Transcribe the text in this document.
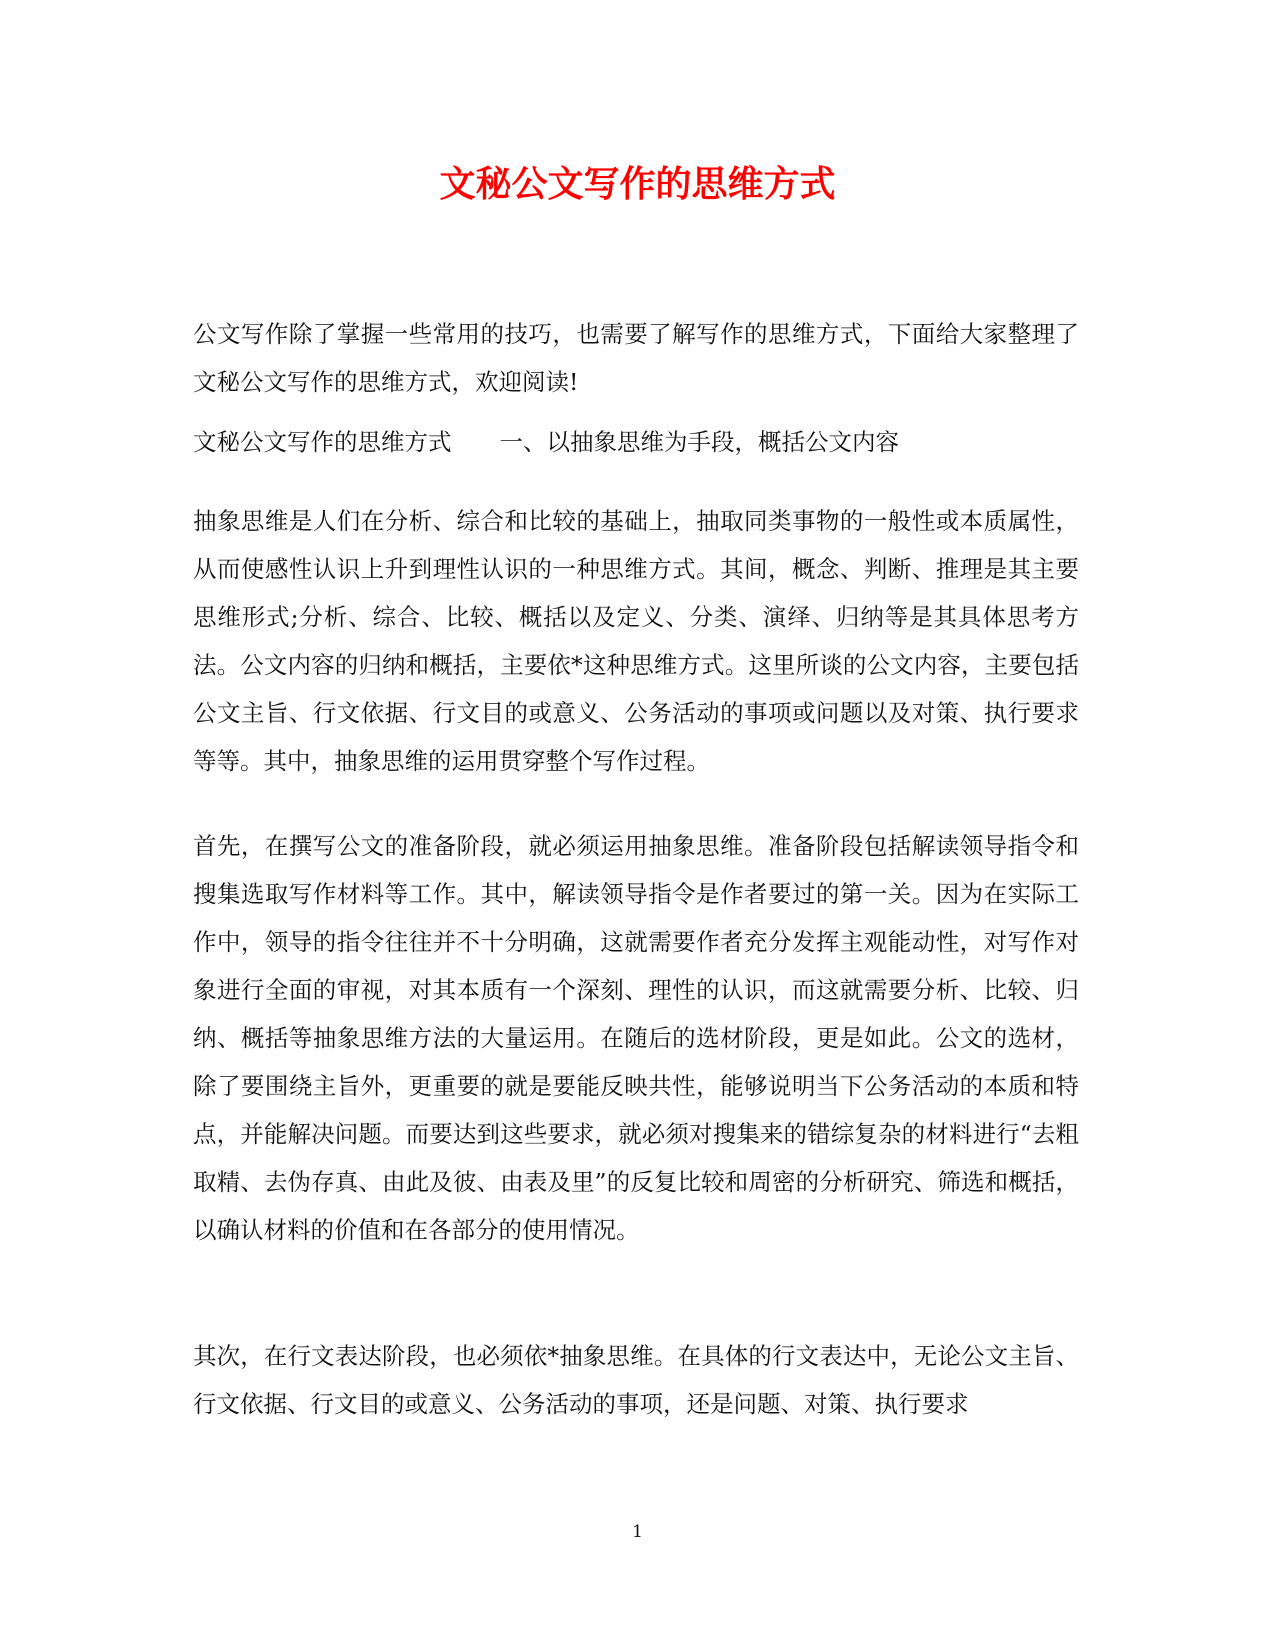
文秘公文写作的思维方式

公文写作除了掌握一些常用的技巧，也需要了解写作的思维方式，下面给大家整理了文秘公文写作的思维方式，欢迎阅读!

文秘公文写作的思维方式 一、以抽象思维为手段，概括公文内容

抽象思维是人们在分析、综合和比较的基础上，抽取同类事物的一般性或本质属性，从而使感性认识上升到理性认识的一种思维方式。其间，概念、判断、推理是其主要思维形式;分析、综合、比较、概括以及定义、分类、演绎、归纳等是其具体思考方法。公文内容的归纳和概括，主要依*这种思维方式。这里所谈的公文内容，主要包括公文主旨、行文依据、行文目的或意义、公务活动的事项或问题以及对策、执行要求等等。其中，抽象思维的运用贯穿整个写作过程。

首先，在撰写公文的准备阶段，就必须运用抽象思维。准备阶段包括解读领导指令和搜集选取写作材料等工作。其中，解读领导指令是作者要过的第一关。因为在实际工作中，领导的指令往往并不十分明确，这就需要作者充分发挥主观能动性，对写作对象进行全面的审视，对其本质有一个深刻、理性的认识，而这就需要分析、比较、归纳、概括等抽象思维方法的大量运用。在随后的选材阶段，更是如此。公文的选材，除了要围绕主旨外，更重要的就是要能反映共性，能够说明当下公务活动的本质和特点，并能解决问题。而要达到这些要求，就必须对搜集来的错综复杂的材料进行“去粗取精、去伪存真、由此及彼、由表及里”的反复比较和周密的分析研究、筛选和概括，以确认材料的价值和在各部分的使用情况。

其次，在行文表达阶段，也必须依*抽象思维。在具体的行文表达中，无论公文主旨、行文依据、行文目的或意义、公务活动的事项，还是问题、对策、执行要求

1
